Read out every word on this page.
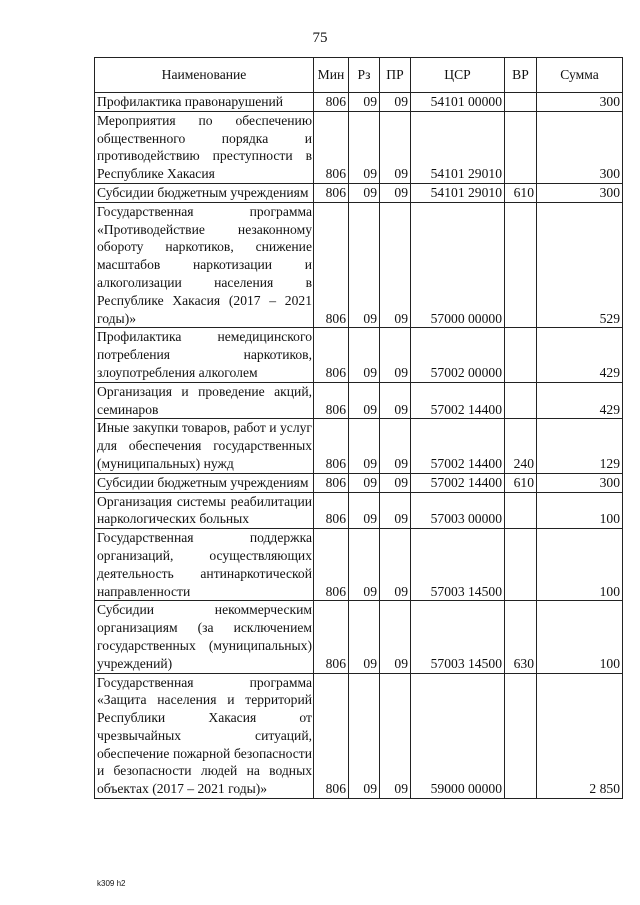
75
Наименование	Мин	Рз	ПР	ЦСР	ВР	Сумма
Профилактика правонарушений	806	09	09	54101 00000		300
Мероприятия по обеспечению общественного порядка и противодействию преступности в Республике Хакасия	806	09	09	54101 29010		300
Субсидии бюджетным учреждениям	806	09	09	54101 29010	610	300
Государственная программа «Противодействие незаконному обороту наркотиков, снижение масштабов наркотизации и алкоголизации населения в Республике Хакасия (2017 – 2021 годы)»	806	09	09	57000 00000		529
Профилактика немедицинского потребления наркотиков, злоупотребления алкоголем	806	09	09	57002 00000		429
Организация и проведение акций, семинаров	806	09	09	57002 14400		429
Иные закупки товаров, работ и услуг для обеспечения государственных (муниципальных) нужд	806	09	09	57002 14400	240	129
Субсидии бюджетным учреждениям	806	09	09	57002 14400	610	300
Организация системы реабилитации наркологических больных	806	09	09	57003 00000		100
Государственная поддержка организаций, осуществляющих деятельность антинаркотической направленности	806	09	09	57003 14500		100
Субсидии некоммерческим организациям (за исключением государственных (муниципальных) учреждений)	806	09	09	57003 14500	630	100
Государственная программа «Защита населения и территорий Республики Хакасия от чрезвычайных ситуаций, обеспечение пожарной безопасности и безопасности людей на водных объектах (2017 – 2021 годы)»	806	09	09	59000 00000		2 850
k309 h2
